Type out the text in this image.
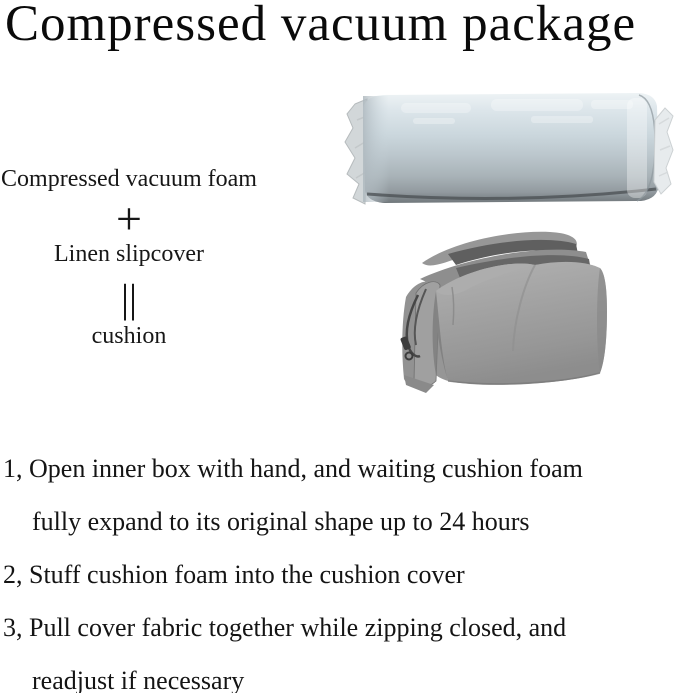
Compressed vacuum package
Compressed vacuum foam
+
Linen slipcover
||
cushion
1, Open inner box with hand, and waiting cushion foam
fully expand to its original shape up to 24 hours
2, Stuff cushion foam into the cushion cover
3, Pull cover fabric together while zipping closed, and
readjust if necessary
